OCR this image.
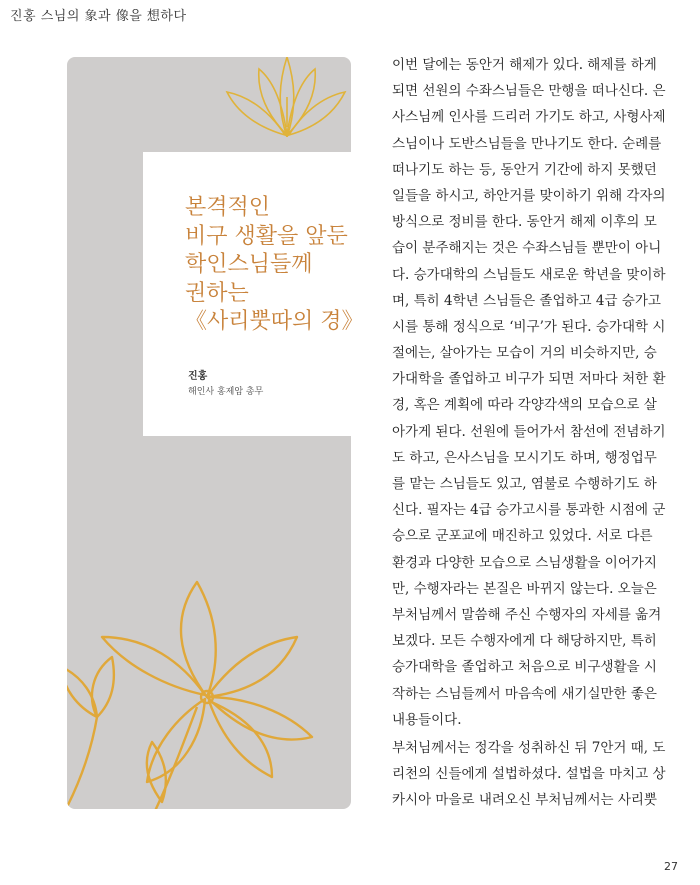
진홍 스님의 象과 像을 想하다
본격적인
비구 생활을 앞둔
학인스님들께
권하는
《사리뿟따의 경》
진홍
해인사 홍제암 총무
이번 달에는 동안거 해제가 있다. 해제를 하게
되면 선원의 수좌스님들은 만행을 떠나신다. 은
사스님께 인사를 드리러 가기도 하고, 사형사제
스님이나 도반스님들을 만나기도 한다. 순례를
떠나기도 하는 등, 동안거 기간에 하지 못했던
일들을 하시고, 하안거를 맞이하기 위해 각자의
방식으로 정비를 한다. 동안거 해제 이후의 모
습이 분주해지는 것은 수좌스님들 뿐만이 아니
다. 승가대학의 스님들도 새로운 학년을 맞이하
며, 특히 4학년 스님들은 졸업하고 4급 승가고
시를 통해 정식으로 ‘비구’가 된다. 승가대학 시
절에는, 살아가는 모습이 거의 비슷하지만, 승
가대학을 졸업하고 비구가 되면 저마다 처한 환
경, 혹은 계획에 따라 각양각색의 모습으로 살
아가게 된다. 선원에 들어가서 참선에 전념하기
도 하고, 은사스님을 모시기도 하며, 행정업무
를 맡는 스님들도 있고, 염불로 수행하기도 하
신다. 필자는 4급 승가고시를 통과한 시점에 군
승으로 군포교에 매진하고 있었다. 서로 다른
환경과 다양한 모습으로 스님생활을 이어가지
만, 수행자라는 본질은 바뀌지 않는다. 오늘은
부처님께서 말씀해 주신 수행자의 자세를 옮겨
보겠다. 모든 수행자에게 다 해당하지만, 특히
승가대학을 졸업하고 처음으로 비구생활을 시
작하는 스님들께서 마음속에 새기실만한 좋은
내용들이다.
부처님께서는 정각을 성취하신 뒤 7안거 때, 도
리천의 신들에게 설법하셨다. 설법을 마치고 상
카시아 마을로 내려오신 부처님께서는 사리뿟
27
